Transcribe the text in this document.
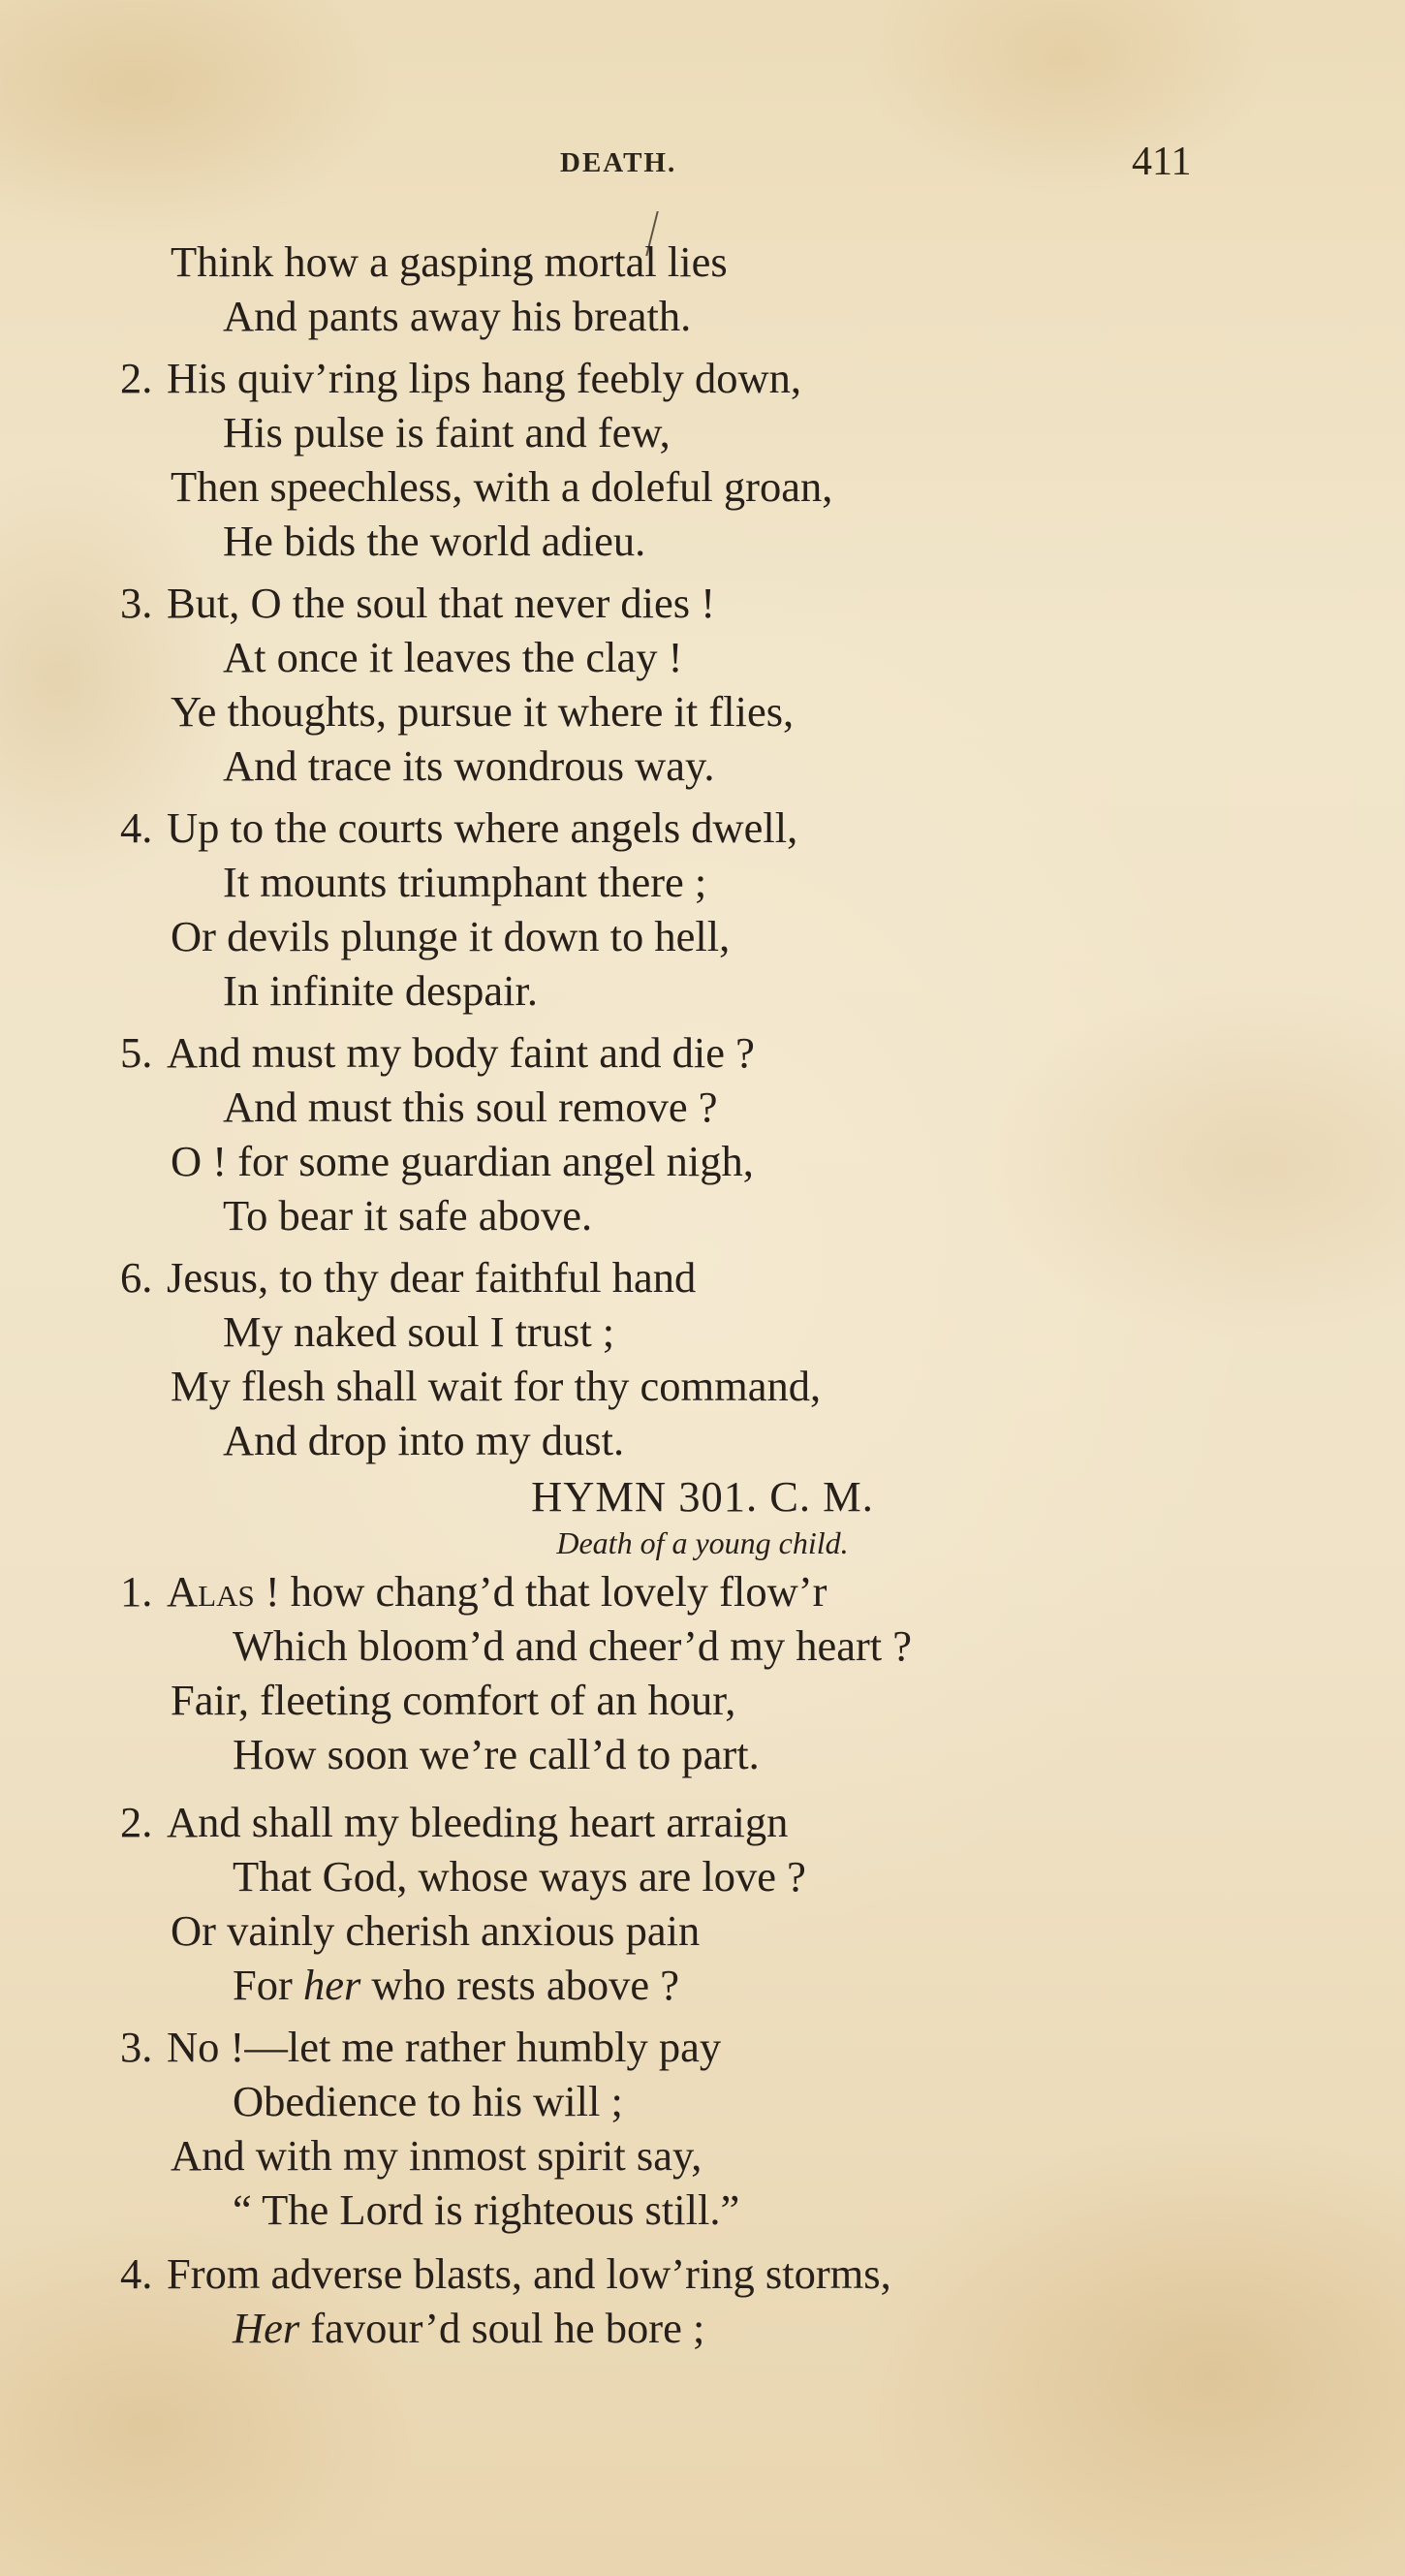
DEATH.	411
Think how a gasping mortal lies
And pants away his breath.
2. His quiv’ring lips hang feebly down,
His pulse is faint and few,
Then speechless, with a doleful groan,
He bids the world adieu.
3. But, O the soul that never dies !
At once it leaves the clay !
Ye thoughts, pursue it where it flies,
And trace its wondrous way.
4. Up to the courts where angels dwell,
It mounts triumphant there ;
Or devils plunge it down to hell,
In infinite despair.
5. And must my body faint and die ?
And must this soul remove ?
O ! for some guardian angel nigh,
To bear it safe above.
6. Jesus, to thy dear faithful hand
My naked soul I trust ;
My flesh shall wait for thy command,
And drop into my dust.
HYMN 301. C. M.
Death of a young child.
1. Alas ! how chang’d that lovely flow’r
Which bloom’d and cheer’d my heart ?
Fair, fleeting comfort of an hour,
How soon we’re call’d to part.
2. And shall my bleeding heart arraign
That God, whose ways are love ?
Or vainly cherish anxious pain
For her who rests above ?
3. No !—let me rather humbly pay
Obedience to his will ;
And with my inmost spirit say,
“ The Lord is righteous still.”
4. From adverse blasts, and low’ring storms,
Her favour’d soul he bore ;
